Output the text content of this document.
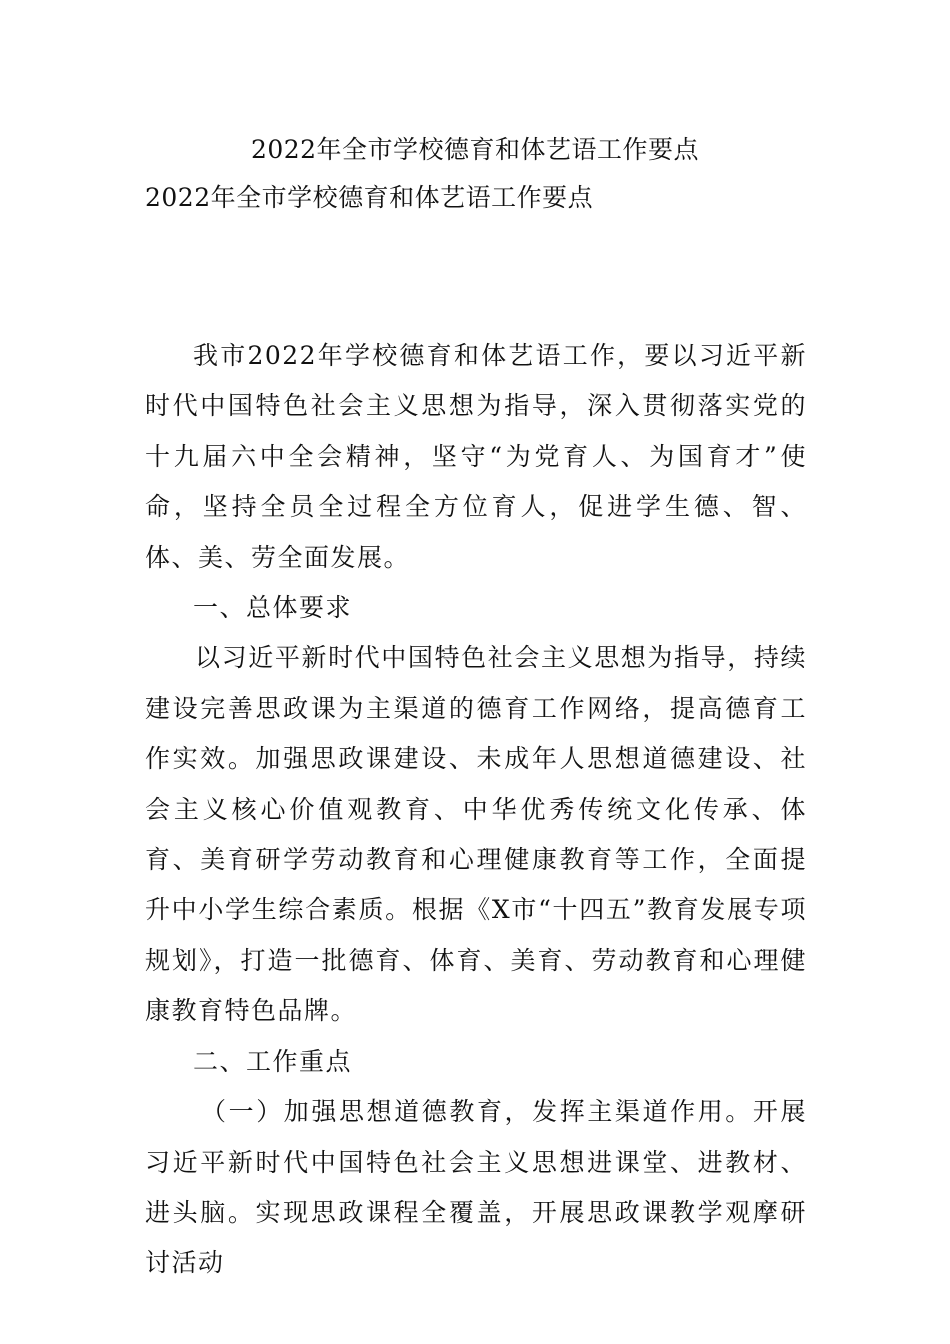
2022年全市学校德育和体艺语工作要点
2022年全市学校德育和体艺语工作要点

我市2022年学校德育和体艺语工作，要以习近平新时代中国特色社会主义思想为指导，深入贯彻落实党的十九届六中全会精神，坚守“为党育人、为国育才”使命，坚持全员全过程全方位育人，促进学生德、智、体、美、劳全面发展。

一、总体要求

以习近平新时代中国特色社会主义思想为指导，持续建设完善思政课为主渠道的德育工作网络，提高德育工作实效。加强思政课建设、未成年人思想道德建设、社会主义核心价值观教育、中华优秀传统文化传承、体育、美育研学劳动教育和心理健康教育等工作，全面提升中小学生综合素质。根据《X市“十四五”教育发展专项规划》，打造一批德育、体育、美育、劳动教育和心理健康教育特色品牌。

二、工作重点

（一）加强思想道德教育，发挥主渠道作用。开展习近平新时代中国特色社会主义思想进课堂、进教材、进头脑。实现思政课程全覆盖，开展思政课教学观摩研讨活动
